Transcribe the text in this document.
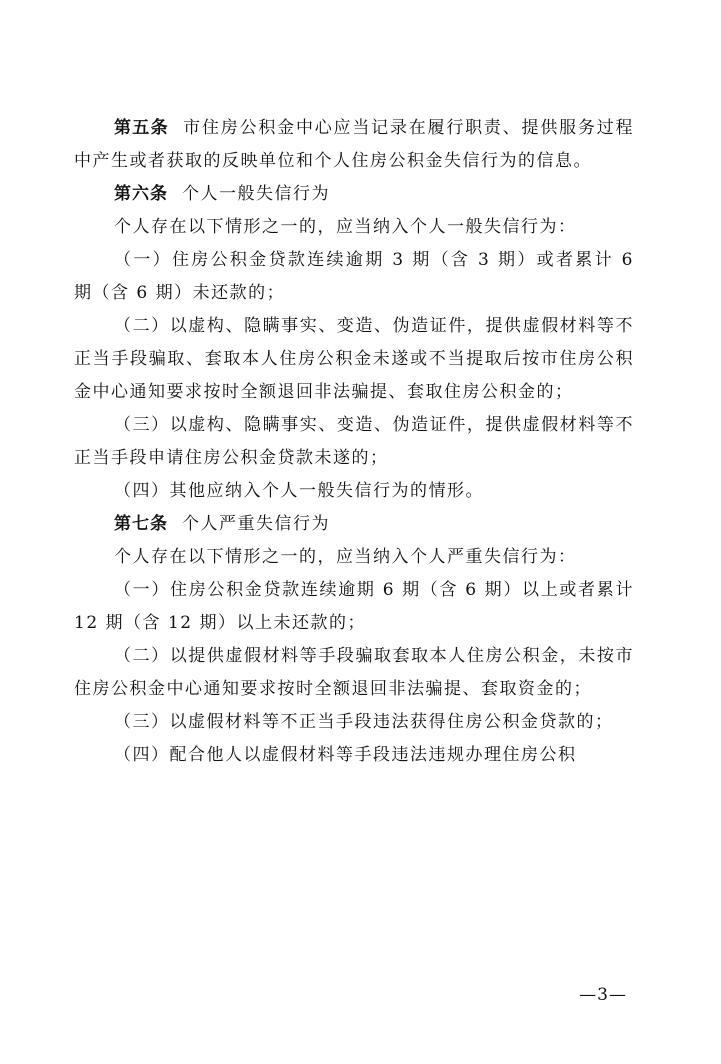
第五条 市住房公积金中心应当记录在履行职责、提供服务过程中产生或者获取的反映单位和个人住房公积金失信行为的信息。

第六条 个人一般失信行为

个人存在以下情形之一的，应当纳入个人一般失信行为：

（一）住房公积金贷款连续逾期 3 期（含 3 期）或者累计 6 期（含 6 期）未还款的；

（二）以虚构、隐瞒事实、变造、伪造证件，提供虚假材料等不正当手段骗取、套取本人住房公积金未遂或不当提取后按市住房公积金中心通知要求按时全额退回非法骗提、套取住房公积金的；

（三）以虚构、隐瞒事实、变造、伪造证件，提供虚假材料等不正当手段申请住房公积金贷款未遂的；

（四）其他应纳入个人一般失信行为的情形。

第七条 个人严重失信行为

个人存在以下情形之一的，应当纳入个人严重失信行为：

（一）住房公积金贷款连续逾期 6 期（含 6 期）以上或者累计 12 期（含 12 期）以上未还款的；

（二）以提供虚假材料等手段骗取套取本人住房公积金，未按市住房公积金中心通知要求按时全额退回非法骗提、套取资金的；

（三）以虚假材料等不正当手段违法获得住房公积金贷款的；

（四）配合他人以虚假材料等手段违法违规办理住房公积

—3—
